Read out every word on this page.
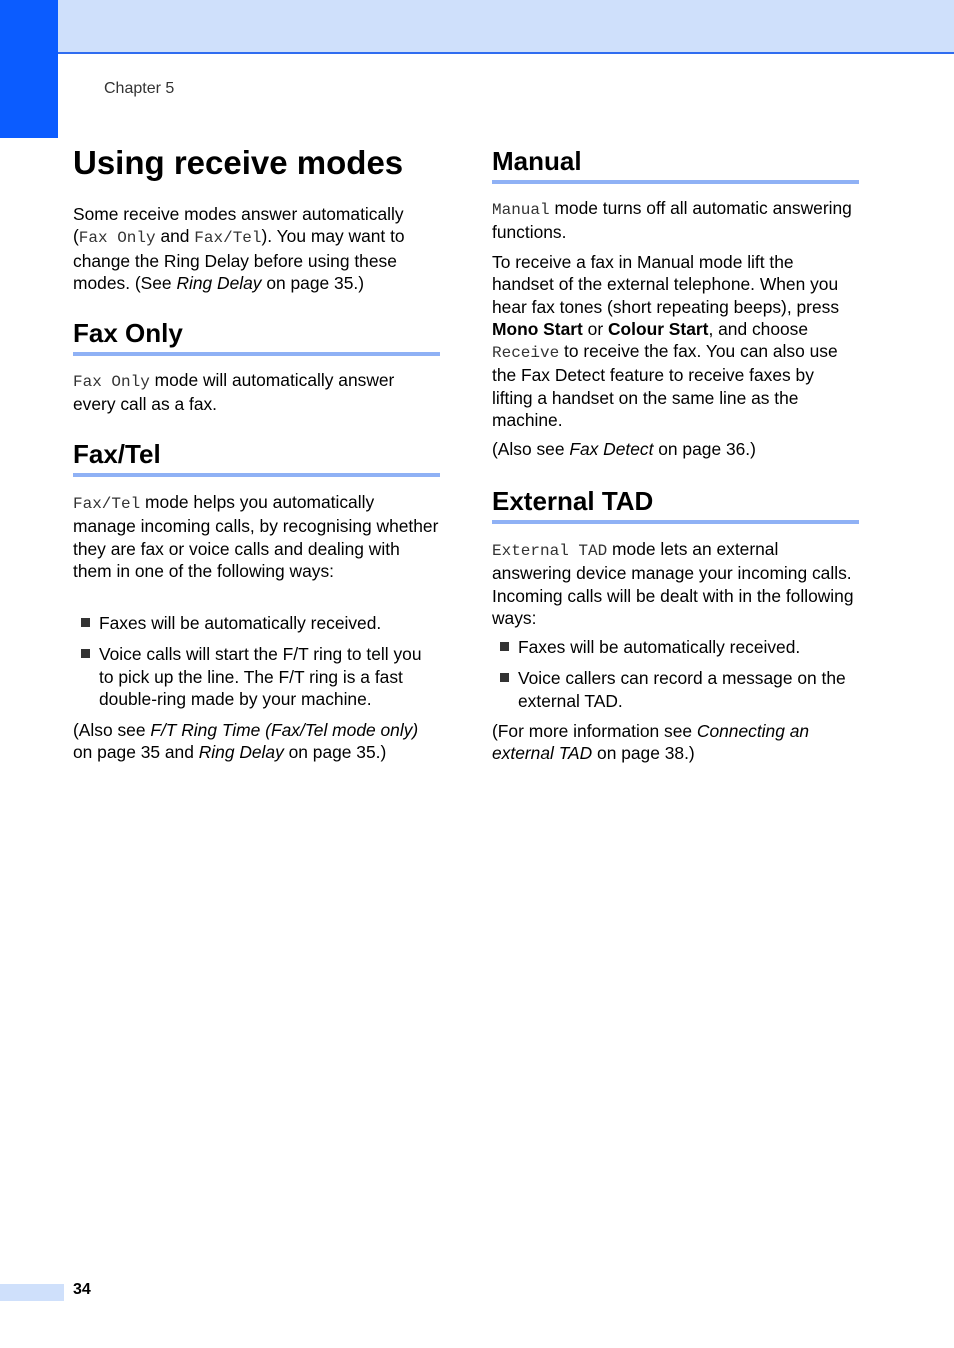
Chapter 5
Using receive modes

Some receive modes answer automatically (Fax Only and Fax/Tel). You may want to change the Ring Delay before using these modes. (See Ring Delay on page 35.)

Fax Only

Fax Only mode will automatically answer every call as a fax.

Fax/Tel

Fax/Tel mode helps you automatically manage incoming calls, by recognising whether they are fax or voice calls and dealing with them in one of the following ways:

Faxes will be automatically received.
Voice calls will start the F/T ring to tell you to pick up the line. The F/T ring is a fast double-ring made by your machine.

(Also see F/T Ring Time (Fax/Tel mode only) on page 35 and Ring Delay on page 35.)

Manual

Manual mode turns off all automatic answering functions.

To receive a fax in Manual mode lift the handset of the external telephone. When you hear fax tones (short repeating beeps), press Mono Start or Colour Start, and choose Receive to receive the fax. You can also use the Fax Detect feature to receive faxes by lifting a handset on the same line as the machine.

(Also see Fax Detect on page 36.)

External TAD

External TAD mode lets an external answering device manage your incoming calls. Incoming calls will be dealt with in the following ways:

Faxes will be automatically received.
Voice callers can record a message on the external TAD.

(For more information see Connecting an external TAD on page 38.)

34
